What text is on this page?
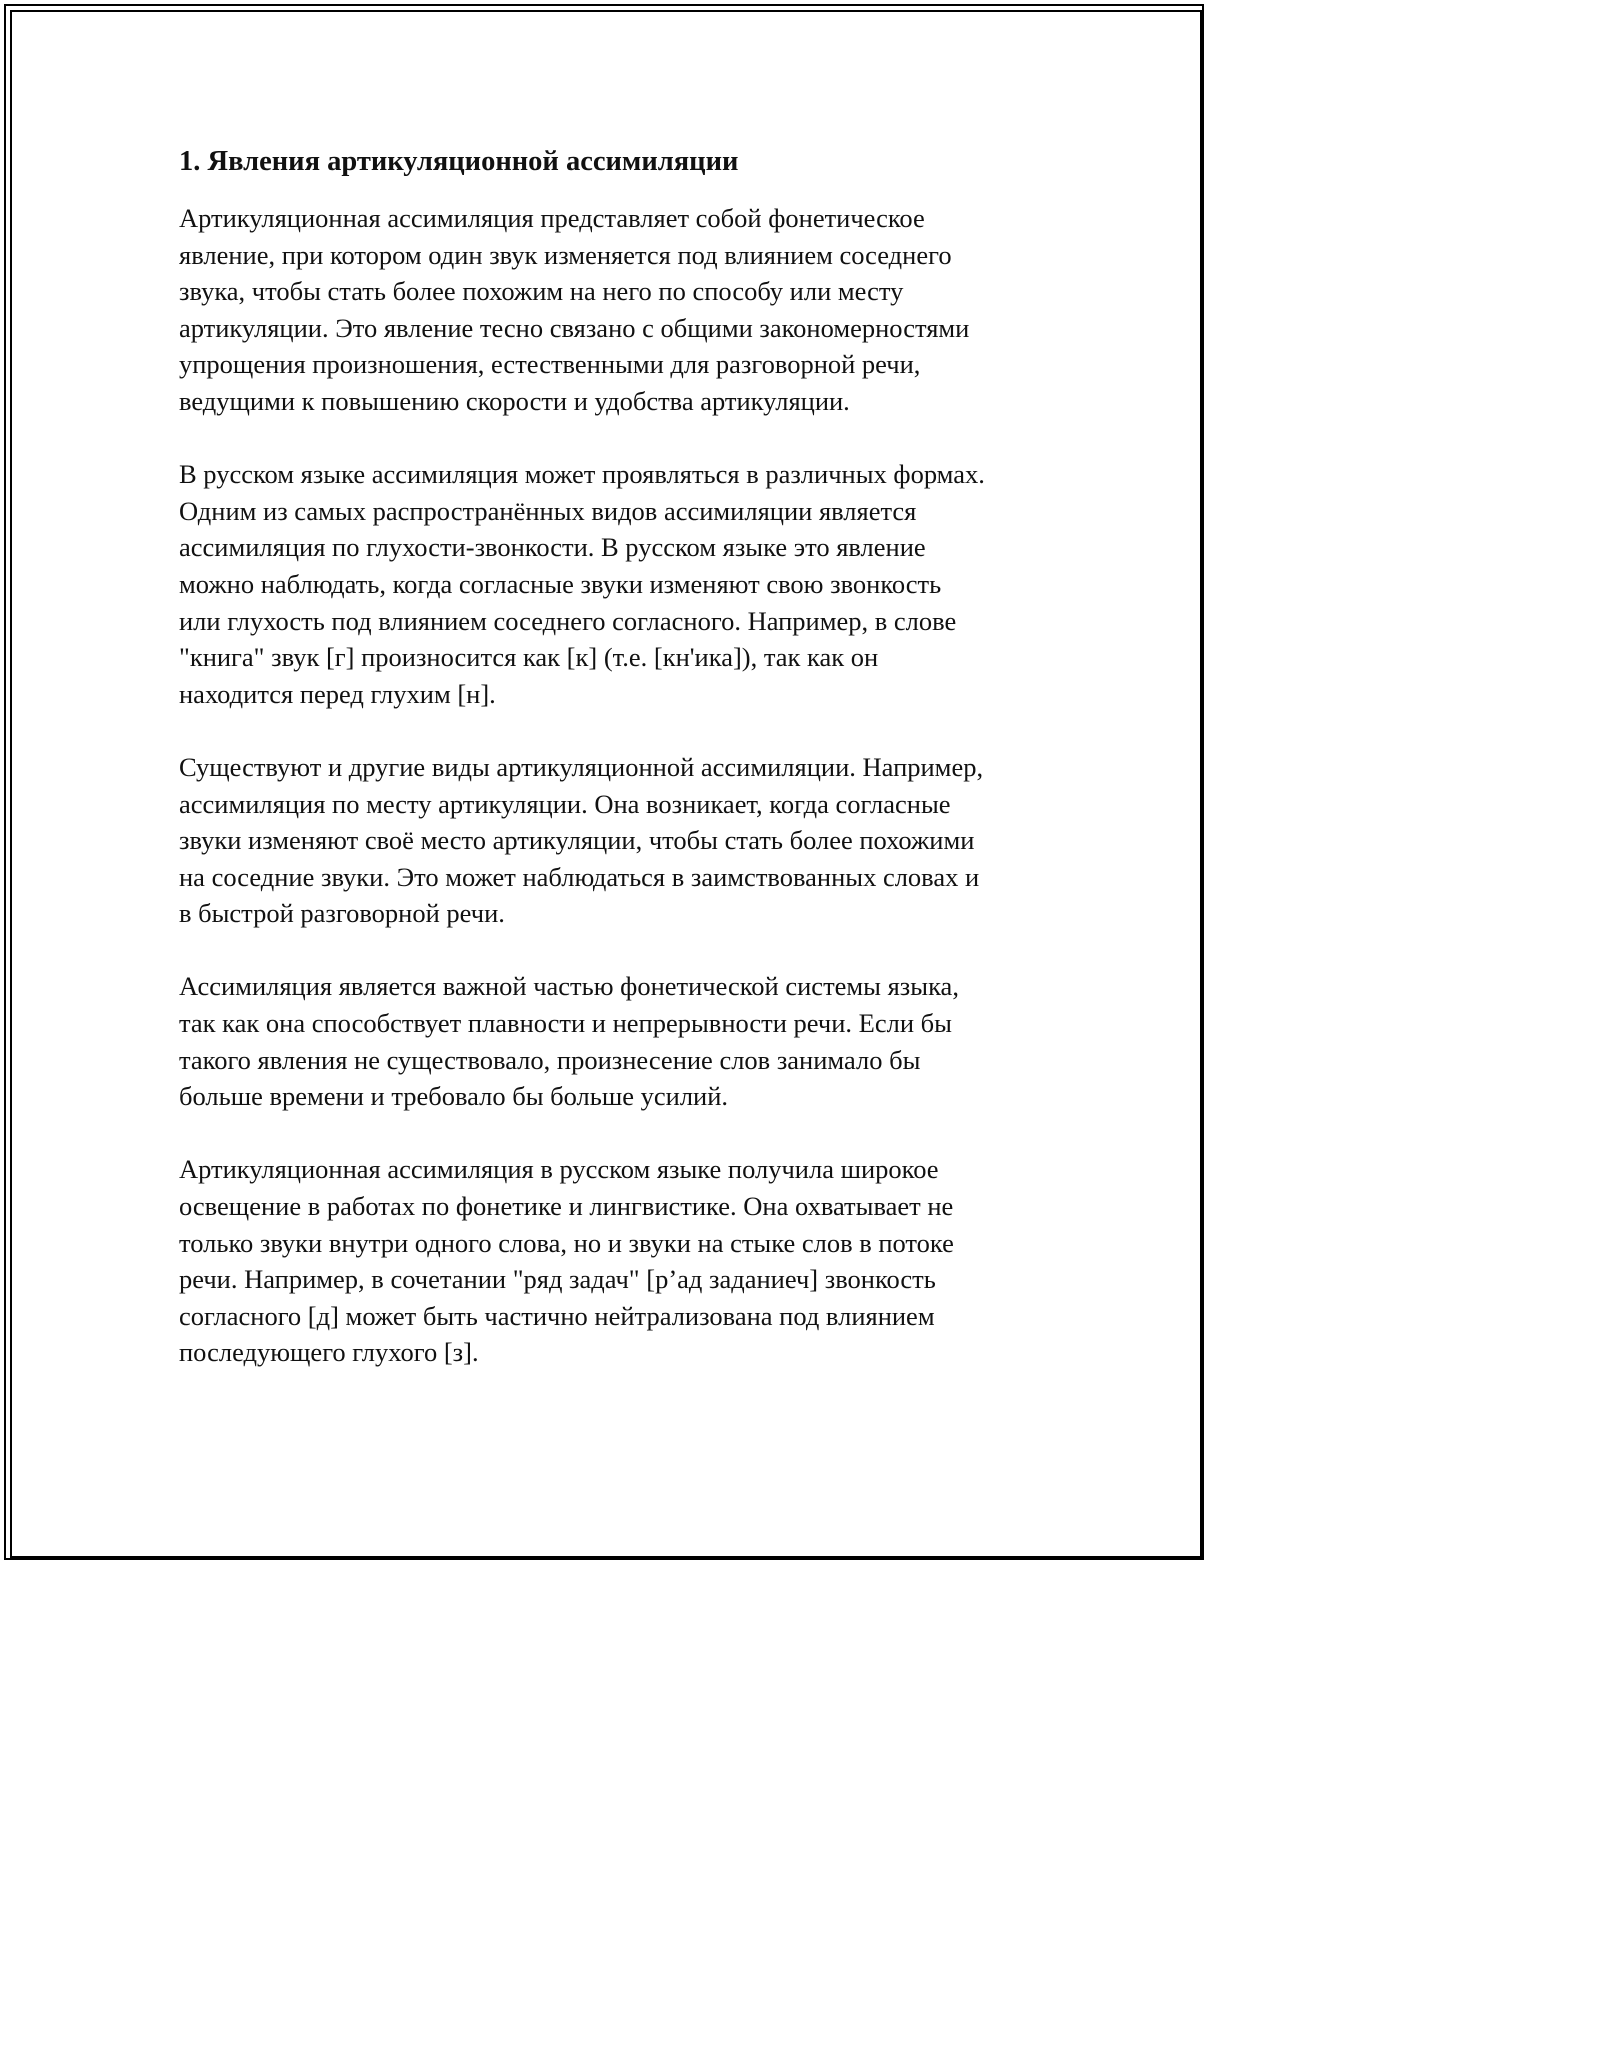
1. Явления артикуляционной ассимиляции
Артикуляционная ассимиляция представляет собой фонетическое
явление, при котором один звук изменяется под влиянием соседнего
звука, чтобы стать более похожим на него по способу или месту
артикуляции. Это явление тесно связано с общими закономерностями
упрощения произношения, естественными для разговорной речи,
ведущими к повышению скорости и удобства артикуляции.
В русском языке ассимиляция может проявляться в различных формах.
Одним из самых распространённых видов ассимиляции является
ассимиляция по глухости-звонкости. В русском языке это явление
можно наблюдать, когда согласные звуки изменяют свою звонкость
или глухость под влиянием соседнего согласного. Например, в слове
"книга" звук [г] произносится как [к] (т.е. [кн'ика]), так как он
находится перед глухим [н].
Существуют и другие виды артикуляционной ассимиляции. Например,
ассимиляция по месту артикуляции. Она возникает, когда согласные
звуки изменяют своё место артикуляции, чтобы стать более похожими
на соседние звуки. Это может наблюдаться в заимствованных словах и
в быстрой разговорной речи.
Ассимиляция является важной частью фонетической системы языка,
так как она способствует плавности и непрерывности речи. Если бы
такого явления не существовало, произнесение слов занимало бы
больше времени и требовало бы больше усилий.
Артикуляционная ассимиляция в русском языке получила широкое
освещение в работах по фонетике и лингвистике. Она охватывает не
только звуки внутри одного слова, но и звуки на стыке слов в потоке
речи. Например, в сочетании "ряд задач" [р’ад заданиеч] звонкость
согласного [д] может быть частично нейтрализована под влиянием
последующего глухого [з].
